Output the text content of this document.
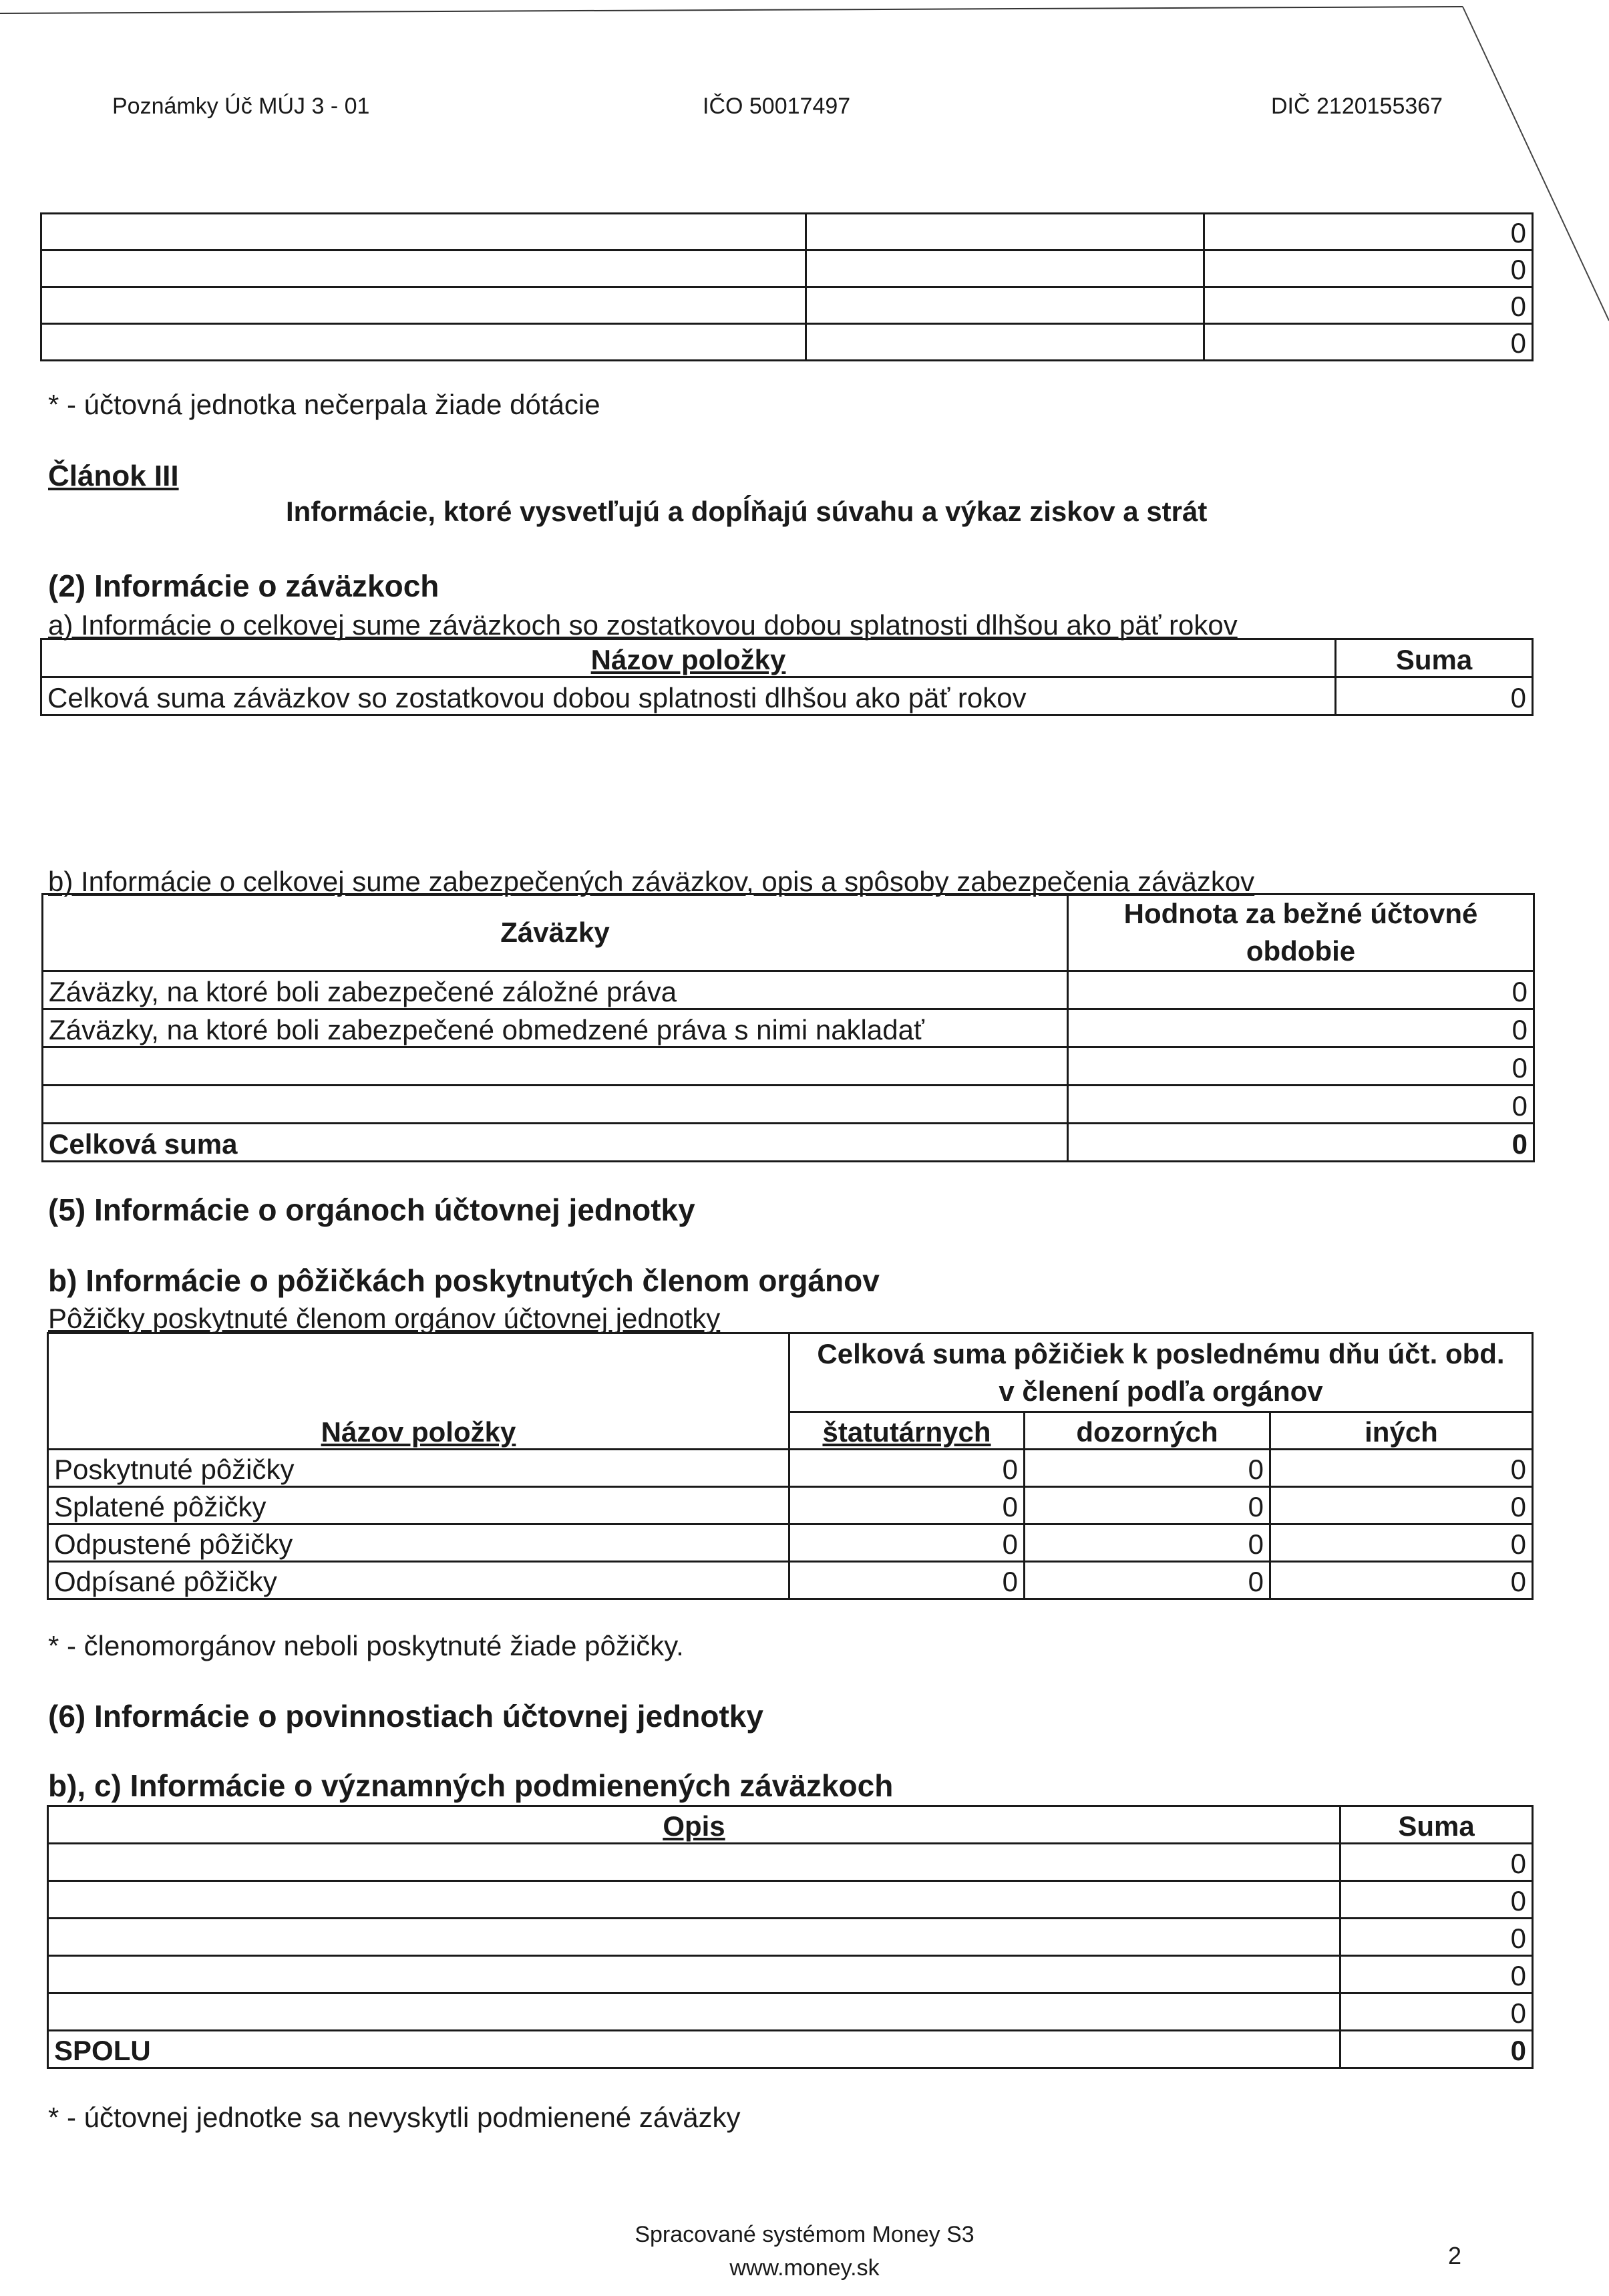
Poznámky Úč MÚJ 3 - 01	IČO 50017497	DIČ 2120155367
		0
		0
		0
		0
* - účtovná jednotka nečerpala žiade dótácie
Článok III
Informácie, ktoré vysvetľujú a dopĺňajú súvahu a výkaz ziskov a strát
(2) Informácie o záväzkoch
a) Informácie o celkovej sume záväzkoch so zostatkovou dobou splatnosti dlhšou ako päť rokov
Názov položky	Suma
Celková suma záväzkov so zostatkovou dobou splatnosti dlhšou ako päť rokov	0
b) Informácie o celkovej sume zabezpečených záväzkov, opis a spôsoby zabezpečenia záväzkov
Záväzky	Hodnota za bežné účtovné
obdobie

Záväzky, na ktoré boli zabezpečené záložné práva	0
Záväzky, na ktoré boli zabezpečené obmedzené práva s nimi nakladať	0
	0
	0
Celková suma	0
(5) Informácie o orgánoch účtovnej jednotky
b) Informácie o pôžičkách poskytnutých členom orgánov
Pôžičky poskytnuté členom orgánov účtovnej jednotky

	Celková suma pôžičiek k poslednému dňu účt. obd.
v členení podľa orgánov		

Názov položky	štatutárnych	dozorných	iných
Poskytnuté pôžičky	0	0	0
Splatené pôžičky	0	0	0
Odpustené pôžičky	0	0	0
Odpísané pôžičky	0	0	0
* - členomorgánov neboli poskytnuté žiade pôžičky.
(6) Informácie o povinnostiach účtovnej jednotky
b), c) Informácie o významných podmienených záväzkoch
Opis	Suma
	0
	0
	0
	0
	0
SPOLU	0
* - účtovnej jednotke sa nevyskytli podmienené záväzky
Spracované systémom Money S3
www.money.sk	2
